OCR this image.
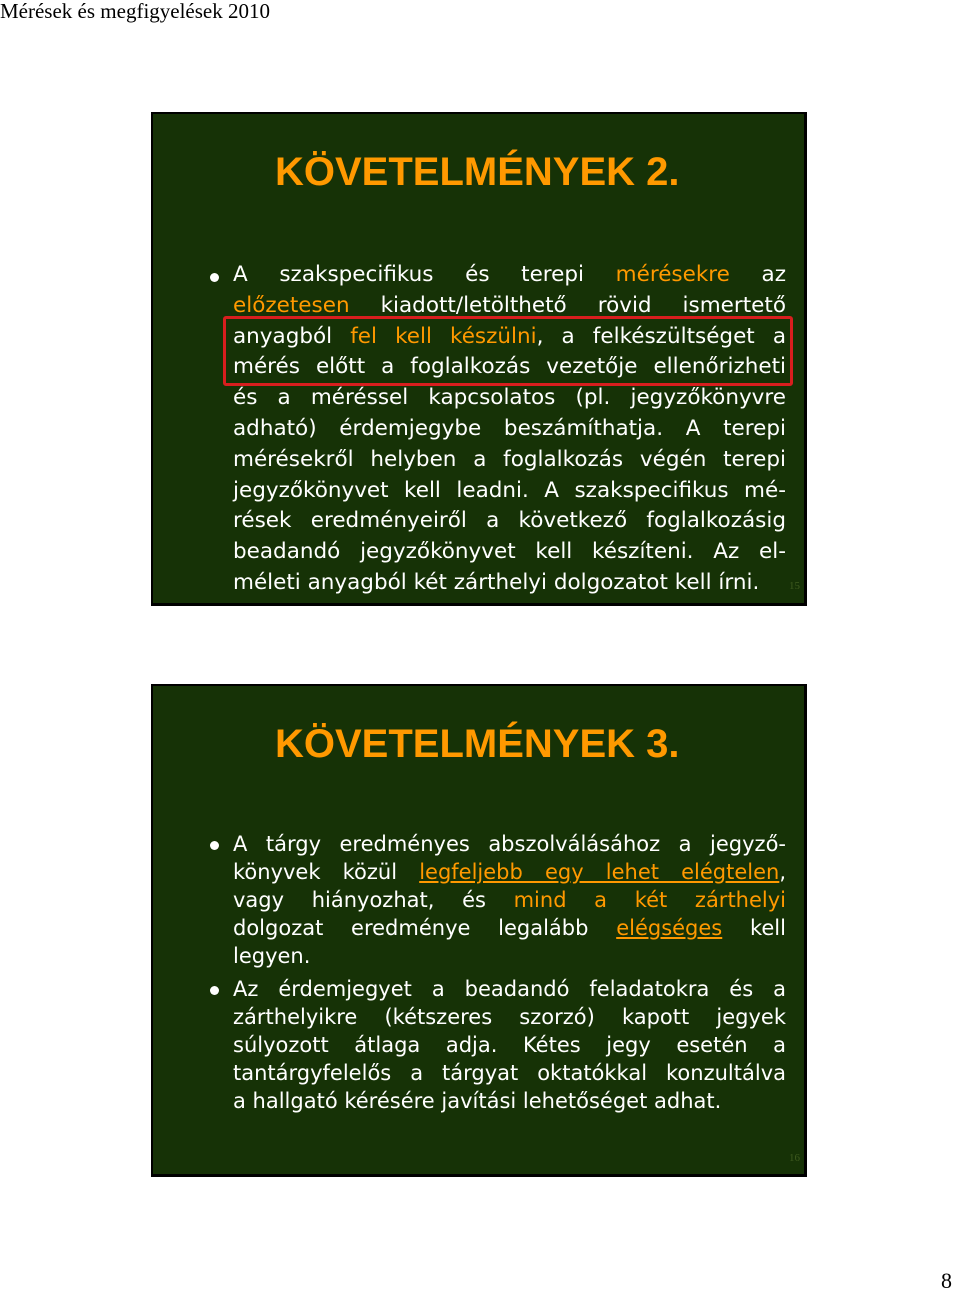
Mérések és megfigyelések 2010
KÖVETELMÉNYEK 2.
A szakspecifikus és terepi mérésekre az
előzetesen kiadott/letölthető rövid ismertető
anyagból fel kell készülni, a felkészültséget a
mérés előtt a foglalkozás vezetője ellenőrizheti
és a méréssel kapcsolatos (pl. jegyzőkönyvre
adható) érdemjegybe beszámíthatja. A terepi
mérésekről helyben a foglalkozás végén terepi
jegyzőkönyvet kell leadni. A szakspecifikus mé-
rések eredményeiről a következő foglalkozásig
beadandó jegyzőkönyvet kell készíteni. Az el-
méleti anyagból két zárthelyi dolgozatot kell írni.	15
KÖVETELMÉNYEK 3.
A tárgy eredményes abszolválásához a jegyző-
könyvek közül legfeljebb egy lehet elégtelen,
vagy hiányozhat, és mind a két zárthelyi
dolgozat eredménye legalább elégséges kell
legyen.
Az érdemjegyet a beadandó feladatokra és a
zárthelyikre (kétszeres szorzó) kapott jegyek
súlyozott átlaga adja. Kétes jegy esetén a
tantárgyfelelős a tárgyat oktatókkal konzultálva
a hallgató kérésére javítási lehetőséget adhat.
16
8
